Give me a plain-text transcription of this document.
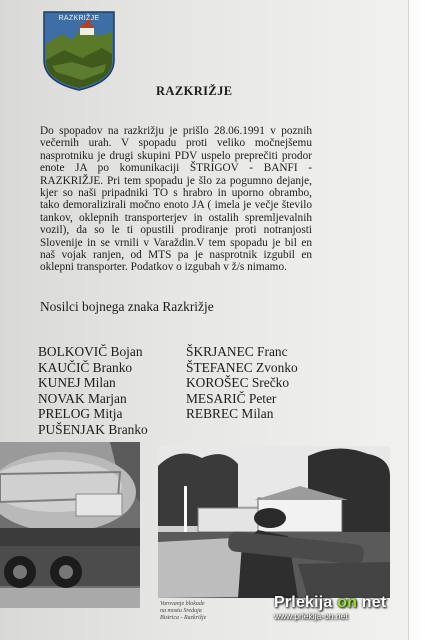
RAZKRIŽJE
RAZKRIŽJE

Do spopadov na razkrižju je prišlo 28.06.1991 v poznih večernih urah. V spopadu proti veliko močnejšemu nasprotniku je drugi skupini PDV uspelo preprečiti prodor enote JA po komunikaciji ŠTRIGOV - BANFI - RAZKRIŽJE. Pri tem spopadu je šlo za pogumno dejanje, kjer so naši pripadniki TO s hrabro in uporno obrambo, tako demoralizirali močno enoto JA ( imela je večje število tankov, oklepnih transporterjev in ostalih spremljevalnih vozil), da so le ti opustili prodiranje proti notranjosti Slovenije in se vrnili v Varaždin.V tem spopadu je bil en naš vojak ranjen, od MTS pa je nasprotnik izgubil en oklepni transporter. Podatkov o izgubah v ž/s nimamo.

Nosilci bojnega znaka Razkrižje
BOLKOVIČ Bojan
KAUČIČ Branko
KUNEJ Milan
NOVAK Marjan
PRELOG Mitja
PUŠENJAK Branko
ŠKRJANEC Franc
ŠTEFANEC Zvonko
KOROŠEC Srečko
MESARIČ Peter
REBREC Milan
Varovanje blokade
na mostu Sredaja
Bistrica - Razkrižje
Prlekija on net
www.prlekija-on.net
